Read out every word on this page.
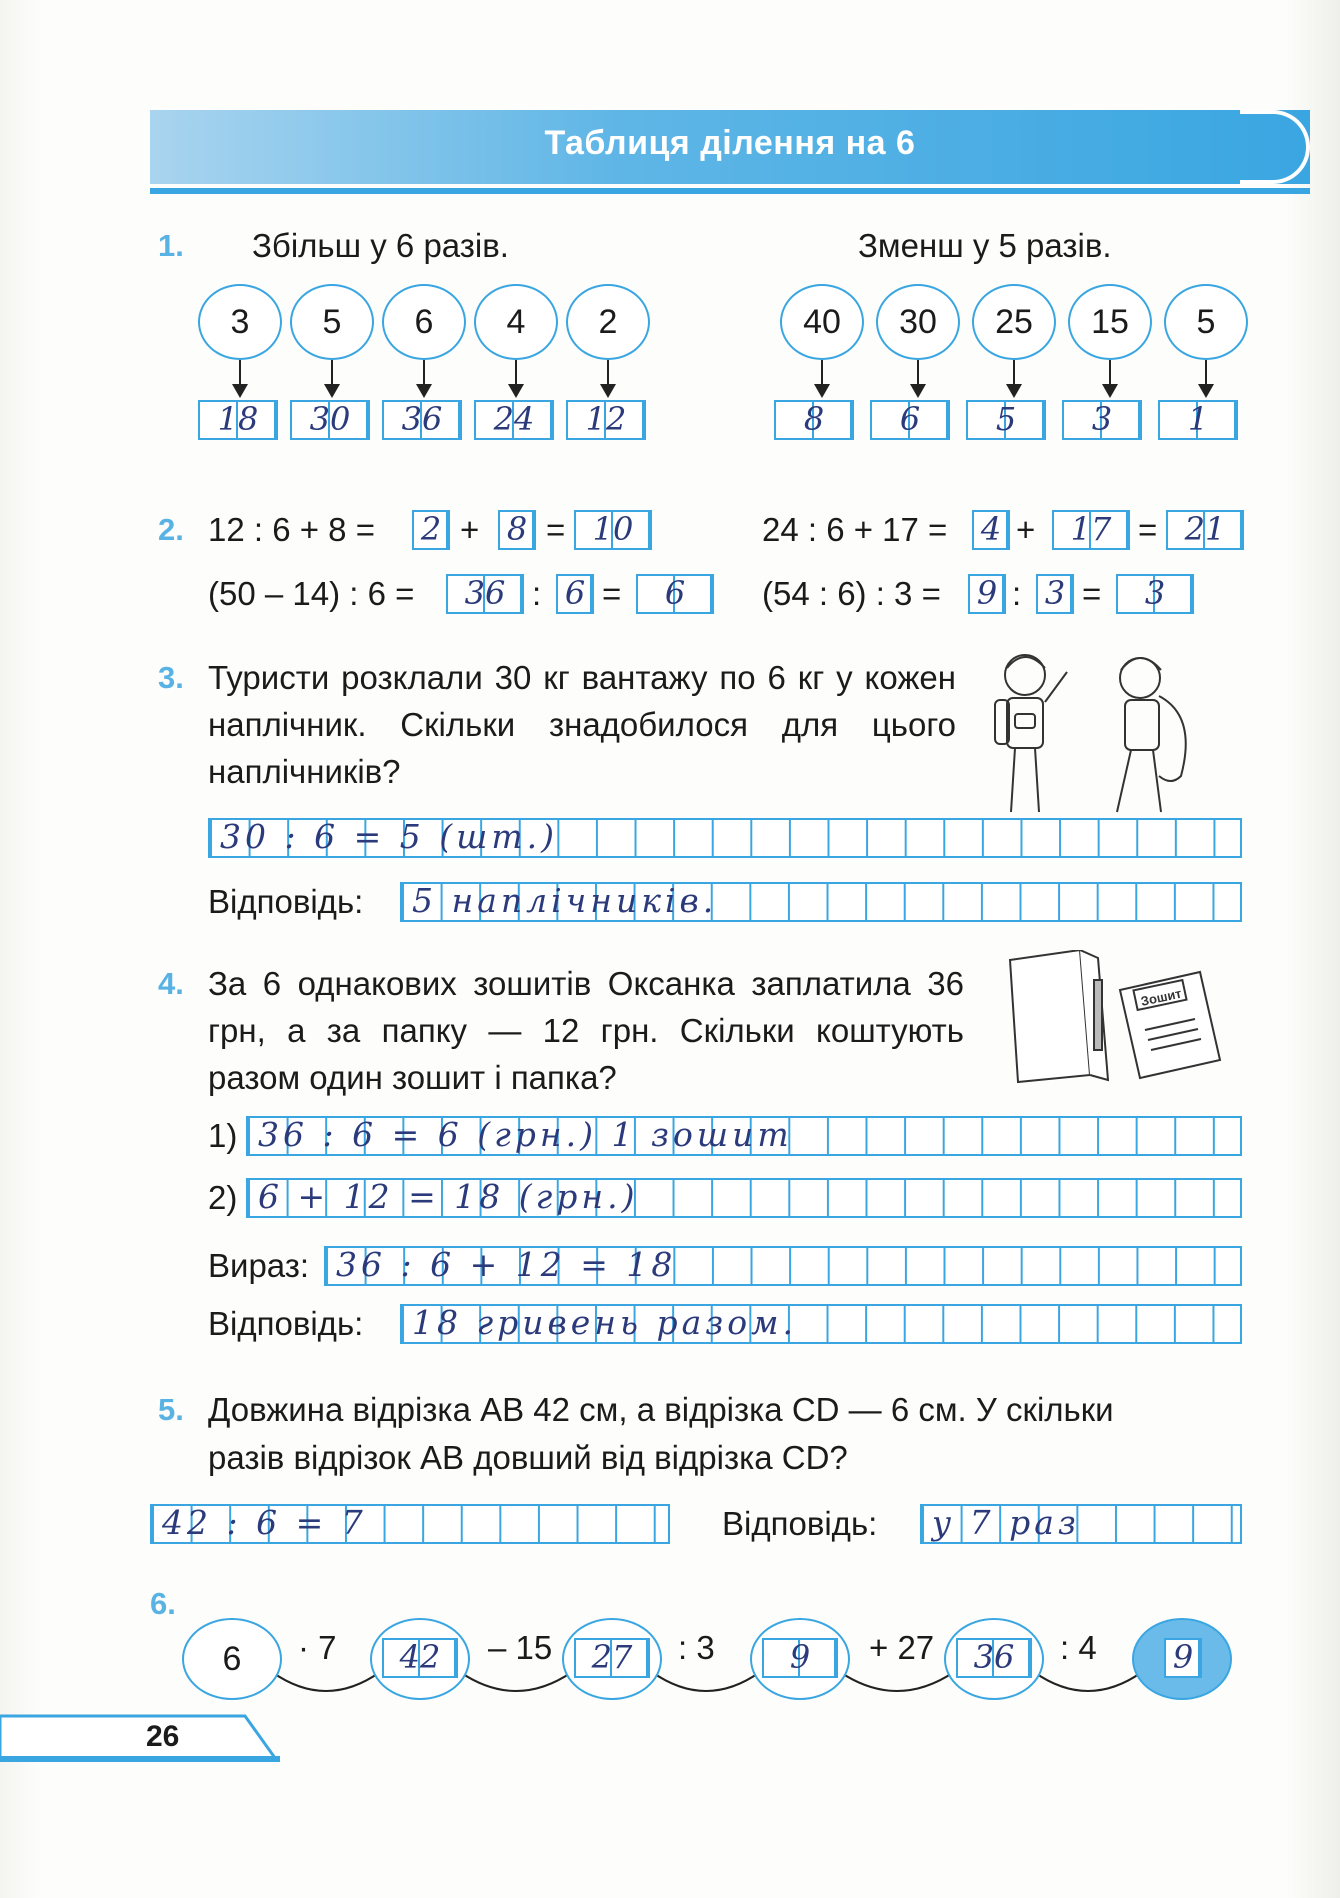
Таблиця ділення на 6
1. Збільш у 6 разів.	Зменш у 5 разів.
3
18
5
30
6
36
4
24
2
12
40
8
30
6
25
5
15
3
5
1
2. 12 : 6 + 8 = 2 + 8 = 10
(50 – 14) : 6 =	36 : 6 =	6
24 : 6 + 17 = 4 +	17 = 21
(54 : 6) : 3 = 9 : 3 =	3
3. Туристи розклали 30 кг вантажу по 6 кг у кожен наплічник. Скільки знадобилося для цього наплічників?
30 : 6 = 5 (шт.)
Відповідь: 5 наплічників.
4. За 6 однакових зошитів Оксанка заплатила 36 грн, а за папку — 12 грн. Скільки коштують разом один зошит і папка?
Зошит
1) 36 : 6 = 6 (грн.) 1 зошит
2) 6 + 12 = 18 (грн.)
Вираз: 36 : 6 + 12 = 18
Відповідь: 18 гривень разом.
5. Довжина відрізка AB 42 см, а відрізка CD — 6 см. У скільки
разів відрізок AB довший від відрізка CD?
42 : 6 = 7	Відповідь: у 7 раз
6.
6	42
· 7	27
– 15	9
: 3	36
+ 27	9
: 4
26
